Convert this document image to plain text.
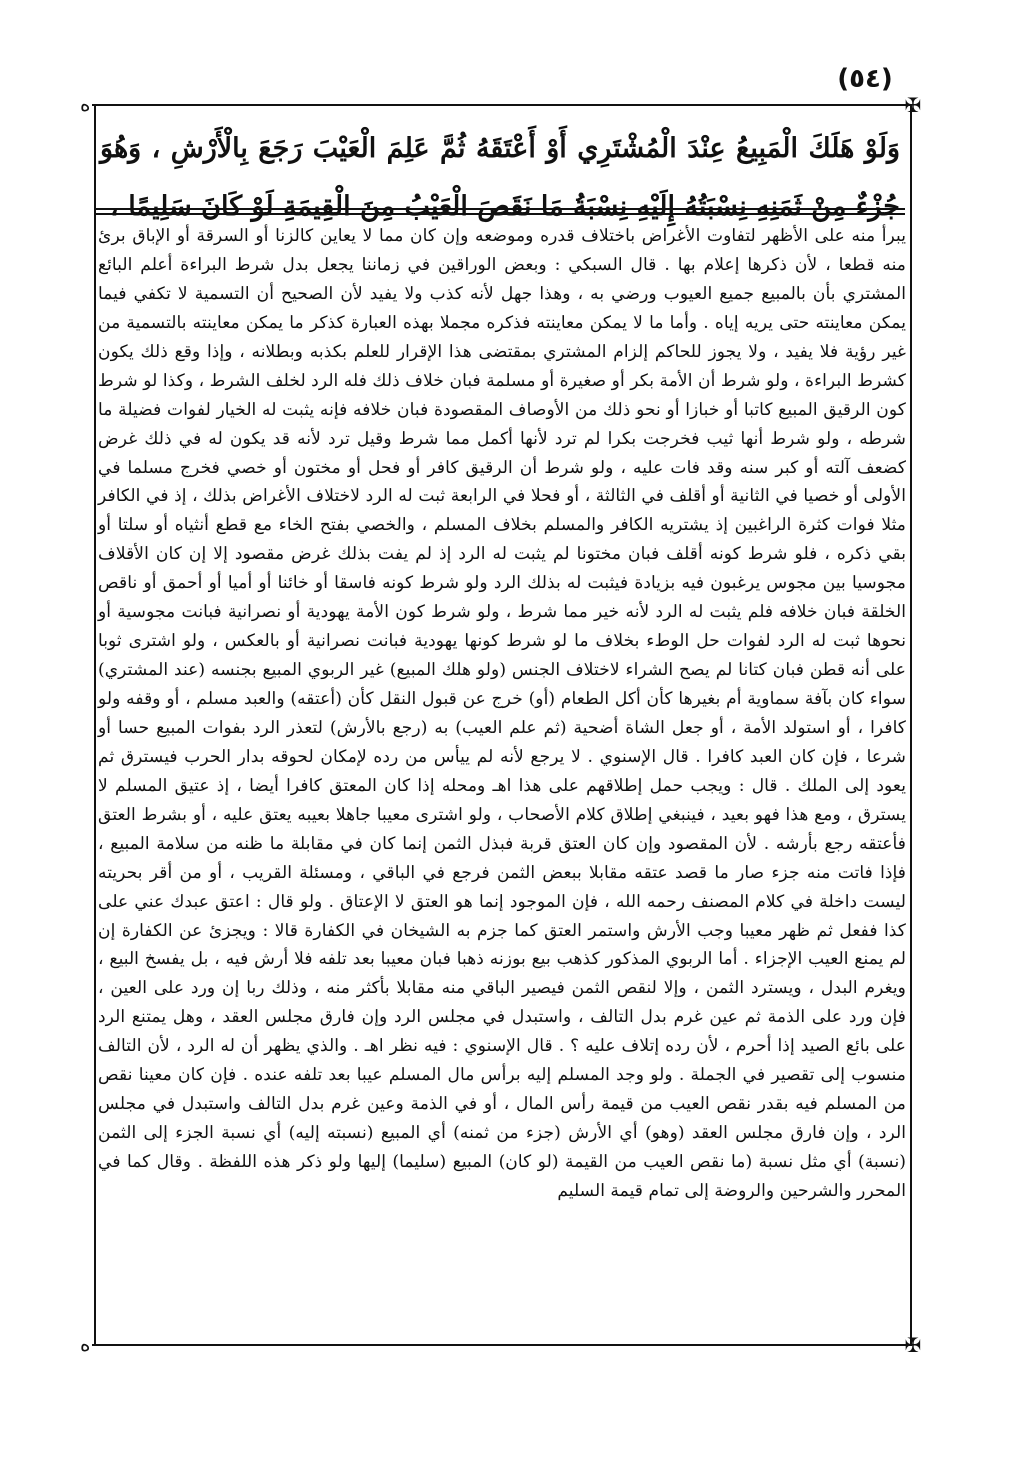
(٥٤)
✠
ﻩ
وَلَوْ هَلَكَ الْمَبِيعُ عِنْدَ الْمُشْتَرِي أَوْ أَعْتَقَهُ ثُمَّ عَلِمَ الْعَيْبَ رَجَعَ بِالْأَرْشِ ، وَهُوَ جُزْءٌ مِنْ ثَمَنِهِ نِسْبَتُهُ إِلَيْهِ نِسْبَةُ مَا نَقَصَ الْعَيْبُ مِنَ الْقِيمَةِ لَوْ كَانَ سَلِيمًا ،

يبرأ منه على الأظهر لتفاوت الأغراض باختلاف قدره وموضعه وإن كان مما لا يعاين كالزنا أو السرقة أو الإباق برئ منه قطعا ، لأن ذكرها إعلام بها . قال السبكي : وبعض الوراقين في زماننا يجعل بدل شرط البراءة أعلم البائع المشتري بأن بالمبيع جميع العيوب ورضي به ، وهذا جهل لأنه كذب ولا يفيد لأن الصحيح أن التسمية لا تكفي فيما يمكن معاينته حتى يريه إياه . وأما ما لا يمكن معاينته فذكره مجملا بهذه العبارة كذكر ما يمكن معاينته بالتسمية من غير رؤية فلا يفيد ، ولا يجوز للحاكم إلزام المشتري بمقتضى هذا الإقرار للعلم بكذبه وبطلانه ، وإذا وقع ذلك يكون كشرط البراءة ، ولو شرط أن الأمة بكر أو صغيرة أو مسلمة فبان خلاف ذلك فله الرد لخلف الشرط ، وكذا لو شرط كون الرقيق المبيع كاتبا أو خبازا أو نحو ذلك من الأوصاف المقصودة فبان خلافه فإنه يثبت له الخيار لفوات فضيلة ما شرطه ، ولو شرط أنها ثيب فخرجت بكرا لم ترد لأنها أكمل مما شرط وقيل ترد لأنه قد يكون له في ذلك غرض كضعف آلته أو كبر سنه وقد فات عليه ، ولو شرط أن الرقيق كافر أو فحل أو مختون أو خصي فخرج مسلما في الأولى أو خصيا في الثانية أو أقلف في الثالثة ، أو فحلا في الرابعة ثبت له الرد لاختلاف الأغراض بذلك ، إذ في الكافر مثلا فوات كثرة الراغبين إذ يشتريه الكافر والمسلم بخلاف المسلم ، والخصي بفتح الخاء مع قطع أنثياه أو سلتا أو بقي ذكره ، فلو شرط كونه أقلف فبان مختونا لم يثبت له الرد إذ لم يفت بذلك غرض مقصود إلا إن كان الأقلاف مجوسيا بين مجوس يرغبون فيه بزيادة فيثبت له بذلك الرد ولو شرط كونه فاسقا أو خائنا أو أميا أو أحمق أو ناقص الخلقة فبان خلافه فلم يثبت له الرد لأنه خير مما شرط ، ولو شرط كون الأمة يهودية أو نصرانية فبانت مجوسية أو نحوها ثبت له الرد لفوات حل الوطء بخلاف ما لو شرط كونها يهودية فبانت نصرانية أو بالعكس ، ولو اشترى ثوبا على أنه قطن فبان كتانا لم يصح الشراء لاختلاف الجنس (ولو هلك المبيع) غير الربوي المبيع بجنسه (عند المشتري) سواء كان بآفة سماوية أم بغيرها كأن أكل الطعام (أو) خرج عن قبول النقل كأن (أعتقه) والعبد مسلم ، أو وقفه ولو كافرا ، أو استولد الأمة ، أو جعل الشاة أضحية (ثم علم العيب) به (رجع بالأرش) لتعذر الرد بفوات المبيع حسا أو شرعا ، فإن كان العبد كافرا . قال الإسنوي . لا يرجع لأنه لم ييأس من رده لإمكان لحوقه بدار الحرب فيسترق ثم يعود إلى الملك . قال : ويجب حمل إطلاقهم على هذا اهـ ومحله إذا كان المعتق كافرا أيضا ، إذ عتيق المسلم لا يسترق ، ومع هذا فهو بعيد ، فينبغي إطلاق كلام الأصحاب ، ولو اشترى معيبا جاهلا بعيبه يعتق عليه ، أو بشرط العتق فأعتقه رجع بأرشه . لأن المقصود وإن كان العتق قربة فبذل الثمن إنما كان في مقابلة ما ظنه من سلامة المبيع ، فإذا فاتت منه جزء صار ما قصد عتقه مقابلا ببعض الثمن فرجع في الباقي ، ومسئلة القريب ، أو من أقر بحريته ليست داخلة في كلام المصنف رحمه الله ، فإن الموجود إنما هو العتق لا الإعتاق . ولو قال : اعتق عبدك عني على كذا ففعل ثم ظهر معيبا وجب الأرش واستمر العتق كما جزم به الشيخان في الكفارة قالا : ويجزئ عن الكفارة إن لم يمنع العيب الإجزاء . أما الربوي المذكور كذهب بيع بوزنه ذهبا فبان معيبا بعد تلفه فلا أرش فيه ، بل يفسخ البيع ، ويغرم البدل ، ويسترد الثمن ، وإلا لنقص الثمن فيصير الباقي منه مقابلا بأكثر منه ، وذلك ربا إن ورد على العين ، فإن ورد على الذمة ثم عين غرم بدل التالف ، واستبدل في مجلس الرد وإن فارق مجلس العقد ، وهل يمتنع الرد على بائع الصيد إذا أحرم ، لأن رده إتلاف عليه ؟ . قال الإسنوي : فيه نظر اهـ . والذي يظهر أن له الرد ، لأن التالف منسوب إلى تقصير في الجملة . ولو وجد المسلم إليه برأس مال المسلم عيبا بعد تلفه عنده . فإن كان معينا نقص من المسلم فيه بقدر نقص العيب من قيمة رأس المال ، أو في الذمة وعين غرم بدل التالف واستبدل في مجلس الرد ، وإن فارق مجلس العقد (وهو) أي الأرش (جزء من ثمنه) أي المبيع (نسبته إليه) أي نسبة الجزء إلى الثمن (نسبة) أي مثل نسبة (ما نقص العيب من القيمة (لو كان) المبيع (سليما) إليها ولو ذكر هذه اللفظة . وقال كما في المحرر والشرحين والروضة إلى تمام قيمة السليم

✠
ﻩ
